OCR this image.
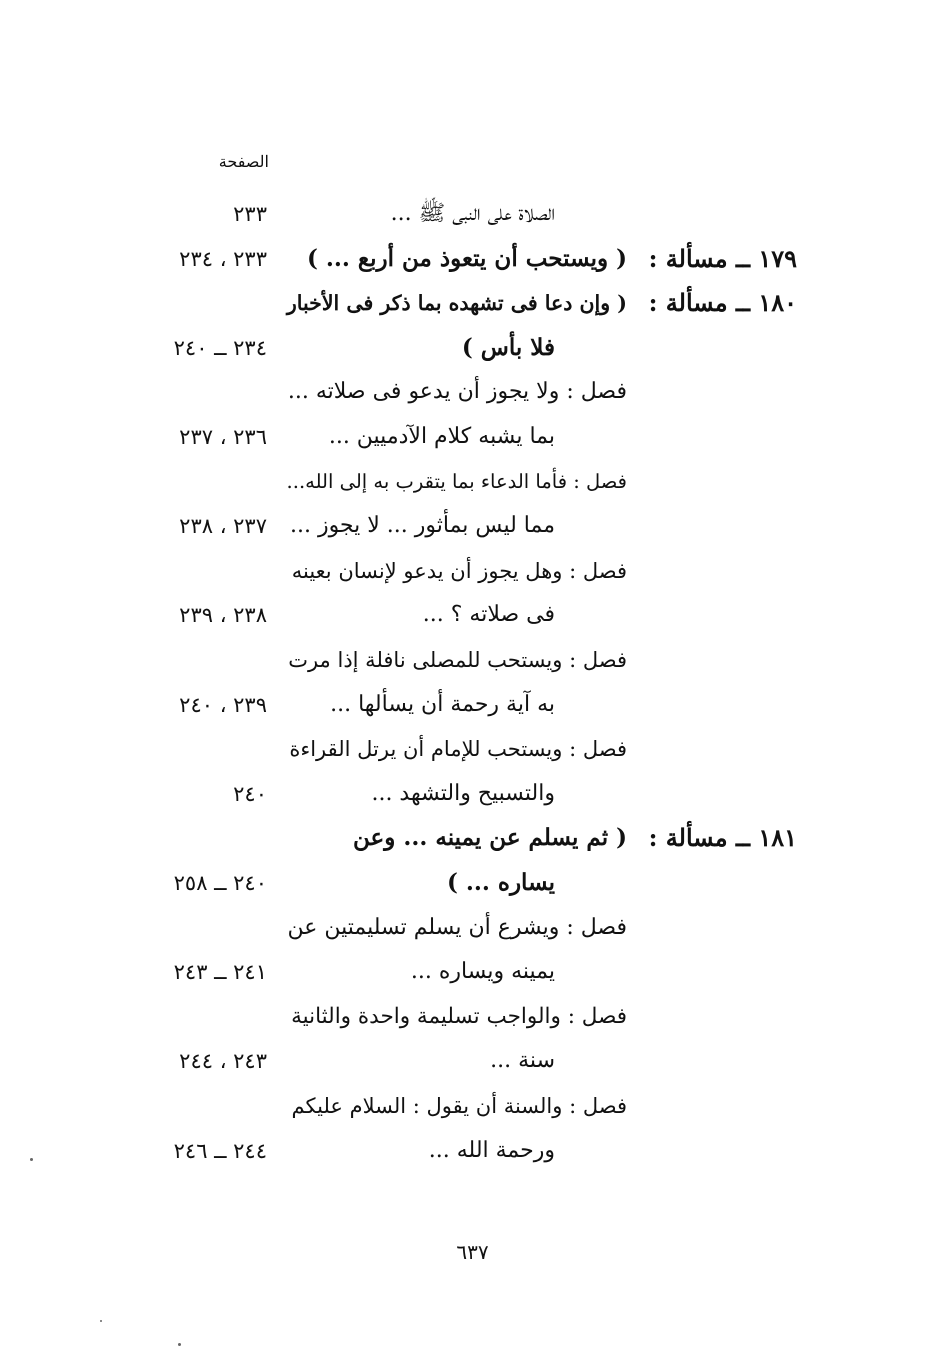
الصفحة
الصلاة على النبى ﷺ ...
٢٣٣
١٧٩ ــ مسألة :
( ويستحب أن يتعوذ من أربع ... )
٢٣٣ ، ٢٣٤
١٨٠ ــ مسألة :
( وإن دعا فى تشهده بما ذكر فى الأخبار
فلا بأس )
٢٣٤ ــ ٢٤٠
فصل : ولا يجوز أن يدعو فى صلاته ...
بما يشبه كلام الآدميين ...
٢٣٦ ، ٢٣٧
فصل : فأما الدعاء بما يتقرب به إلى الله...
مما ليس بمأثور ... لا يجوز ...
٢٣٧ ، ٢٣٨
فصل : وهل يجوز أن يدعو لإنسان بعينه
فى صلاته ؟ ...
٢٣٨ ، ٢٣٩
فصل : ويستحب للمصلى نافلة إذا مرت
به آية رحمة أن يسألها ...
٢٣٩ ، ٢٤٠
فصل : ويستحب للإمام أن يرتل القراءة
والتسبيح والتشهد ...
٢٤٠
١٨١ ــ مسألة :
( ثم يسلم عن يمينه ... وعن
يساره ... )
٢٤٠ ــ ٢٥٨
فصل : ويشرع أن يسلم تسليمتين عن
يمينه ويساره ...
٢٤١ ــ ٢٤٣
فصل : والواجب تسليمة واحدة والثانية
سنة ...
٢٤٣ ، ٢٤٤
فصل : والسنة أن يقول : السلام عليكم
ورحمة الله ...
٢٤٤ ــ ٢٤٦
٦٣٧
